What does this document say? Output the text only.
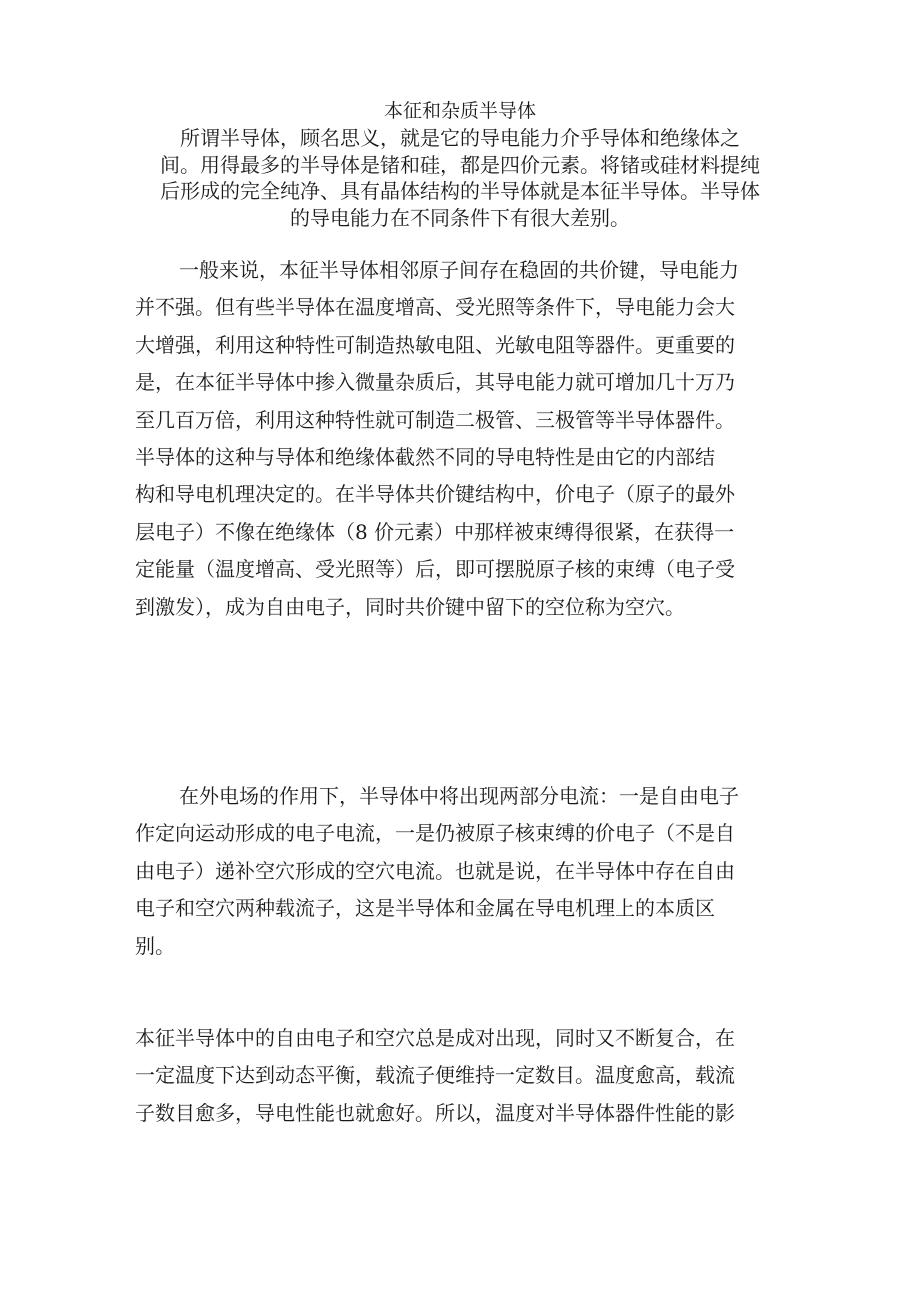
本征和杂质半导体
所谓半导体，顾名思义，就是它的导电能力介乎导体和绝缘体之
间。用得最多的半导体是锗和硅，都是四价元素。将锗或硅材料提纯
后形成的完全纯净、具有晶体结构的半导体就是本征半导体。半导体
的导电能力在不同条件下有很大差别。
一般来说，本征半导体相邻原子间存在稳固的共价键，导电能力
并不强。但有些半导体在温度增高、受光照等条件下，导电能力会大
大增强，利用这种特性可制造热敏电阻、光敏电阻等器件。更重要的
是，在本征半导体中掺入微量杂质后，其导电能力就可增加几十万乃
至几百万倍，利用这种特性就可制造二极管、三极管等半导体器件。
半导体的这种与导体和绝缘体截然不同的导电特性是由它的内部结
构和导电机理决定的。在半导体共价键结构中，价电子（原子的最外
层电子）不像在绝缘体（8 价元素）中那样被束缚得很紧，在获得一
定能量（温度增高、受光照等）后，即可摆脱原子核的束缚（电子受
到激发），成为自由电子，同时共价键中留下的空位称为空穴。
在外电场的作用下，半导体中将出现两部分电流：一是自由电子
作定向运动形成的电子电流，一是仍被原子核束缚的价电子（不是自
由电子）递补空穴形成的空穴电流。也就是说，在半导体中存在自由
电子和空穴两种载流子，这是半导体和金属在导电机理上的本质区
别。
本征半导体中的自由电子和空穴总是成对出现，同时又不断复合，在
一定温度下达到动态平衡，载流子便维持一定数目。温度愈高，载流
子数目愈多，导电性能也就愈好。所以，温度对半导体器件性能的影
